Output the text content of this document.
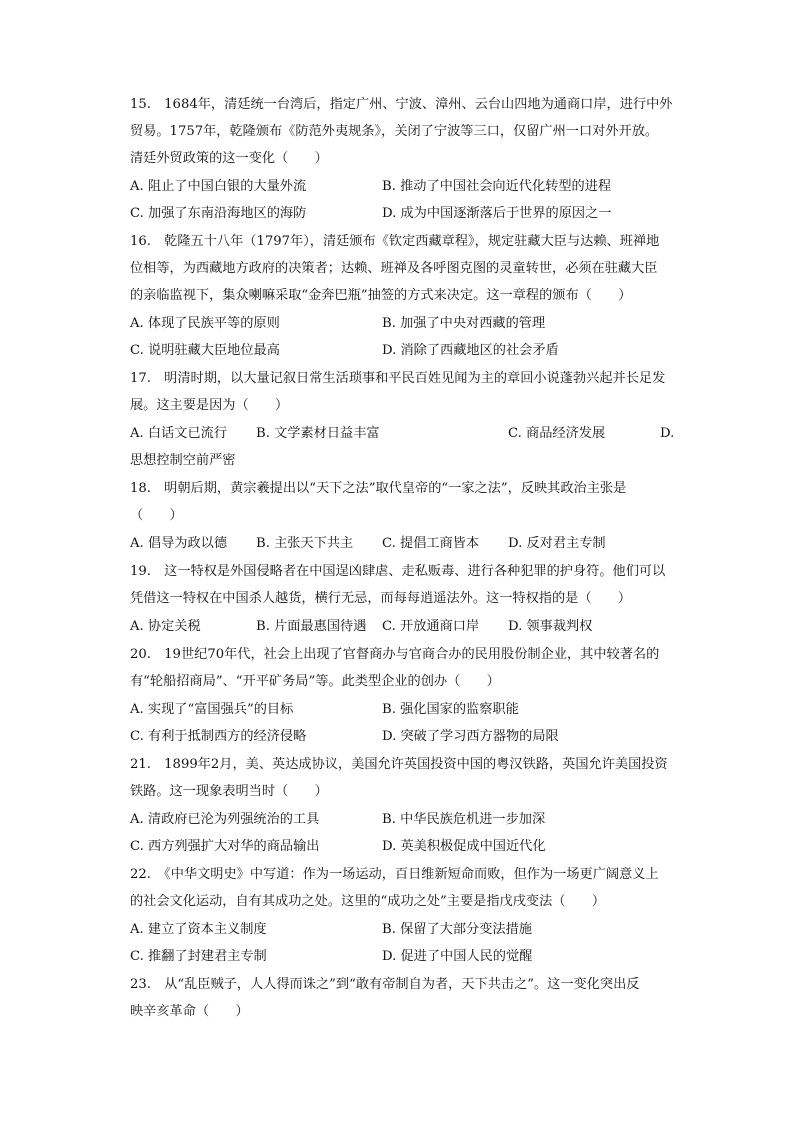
15.　1684年，清廷统一台湾后，指定广州、宁波、漳州、云台山四地为通商口岸，进行中外
贸易。1757年，乾隆颁布《防范外夷规条》，关闭了宁波等三口，仅留广州一口对外开放。
清廷外贸政策的这一变化（　　）
A. 阻止了中国白银的大量外流	B. 推动了中国社会向近代化转型的进程
C. 加强了东南沿海地区的海防	D. 成为中国逐渐落后于世界的原因之一
16.　乾隆五十八年（1797年），清廷颁布《钦定西藏章程》，规定驻藏大臣与达赖、班禅地
位相等，为西藏地方政府的决策者；达赖、班禅及各呼图克图的灵童转世，必须在驻藏大臣
的亲临监视下，集众喇嘛采取“金奔巴瓶”抽签的方式来决定。这一章程的颁布（　　）
A. 体现了民族平等的原则	B. 加强了中央对西藏的管理
C. 说明驻藏大臣地位最高	D. 消除了西藏地区的社会矛盾
17.　明清时期，以大量记叙日常生活琐事和平民百姓见闻为主的章回小说蓬勃兴起并长足发
展。这主要是因为（　　）
A. 白话文已流行 B. 文学素材日益丰富	C. 商品经济发展	D.
思想控制空前严密
18.　明朝后期，黄宗羲提出以“天下之法”取代皇帝的“一家之法”，反映其政治主张是
（　　）
A. 倡导为政以德 B. 主张天下共主 C. 提倡工商皆本 D. 反对君主专制
19.　这一特权是外国侵略者在中国逞凶肆虐、走私贩毒、进行各种犯罪的护身符。他们可以
凭借这一特权在中国杀人越货，横行无忌，而每每逍遥法外。这一特权指的是（　　）
A. 协定关税	B. 片面最惠国待遇 C. 开放通商口岸 D. 领事裁判权
20.　19世纪70年代，社会上出现了官督商办与官商合办的民用股份制企业，其中较著名的
有“轮船招商局”、“开平矿务局”等。此类型企业的创办（　　）
A. 实现了“富国强兵”的目标	B. 强化国家的监察职能
C. 有利于抵制西方的经济侵略	D. 突破了学习西方器物的局限
21.　1899年2月，美、英达成协议，美国允许英国投资中国的粤汉铁路，英国允许美国投资
铁路。这一现象表明当时（　　）
A. 清政府已沦为列强统治的工具	B. 中华民族危机进一步加深
C. 西方列强扩大对华的商品输出	D. 英美积极促成中国近代化
22.　《中华文明史》中写道：作为一场运动，百日维新短命而败，但作为一场更广阔意义上
的社会文化运动，自有其成功之处。这里的“成功之处”主要是指戊戌变法（　　）
A. 建立了资本主义制度	B. 保留了大部分变法措施
C. 推翻了封建君主专制	D. 促进了中国人民的觉醒
23.　从“乱臣贼子，人人得而诛之”到“敢有帝制自为者，天下共击之”。这一变化突出反
映辛亥革命（　　）
